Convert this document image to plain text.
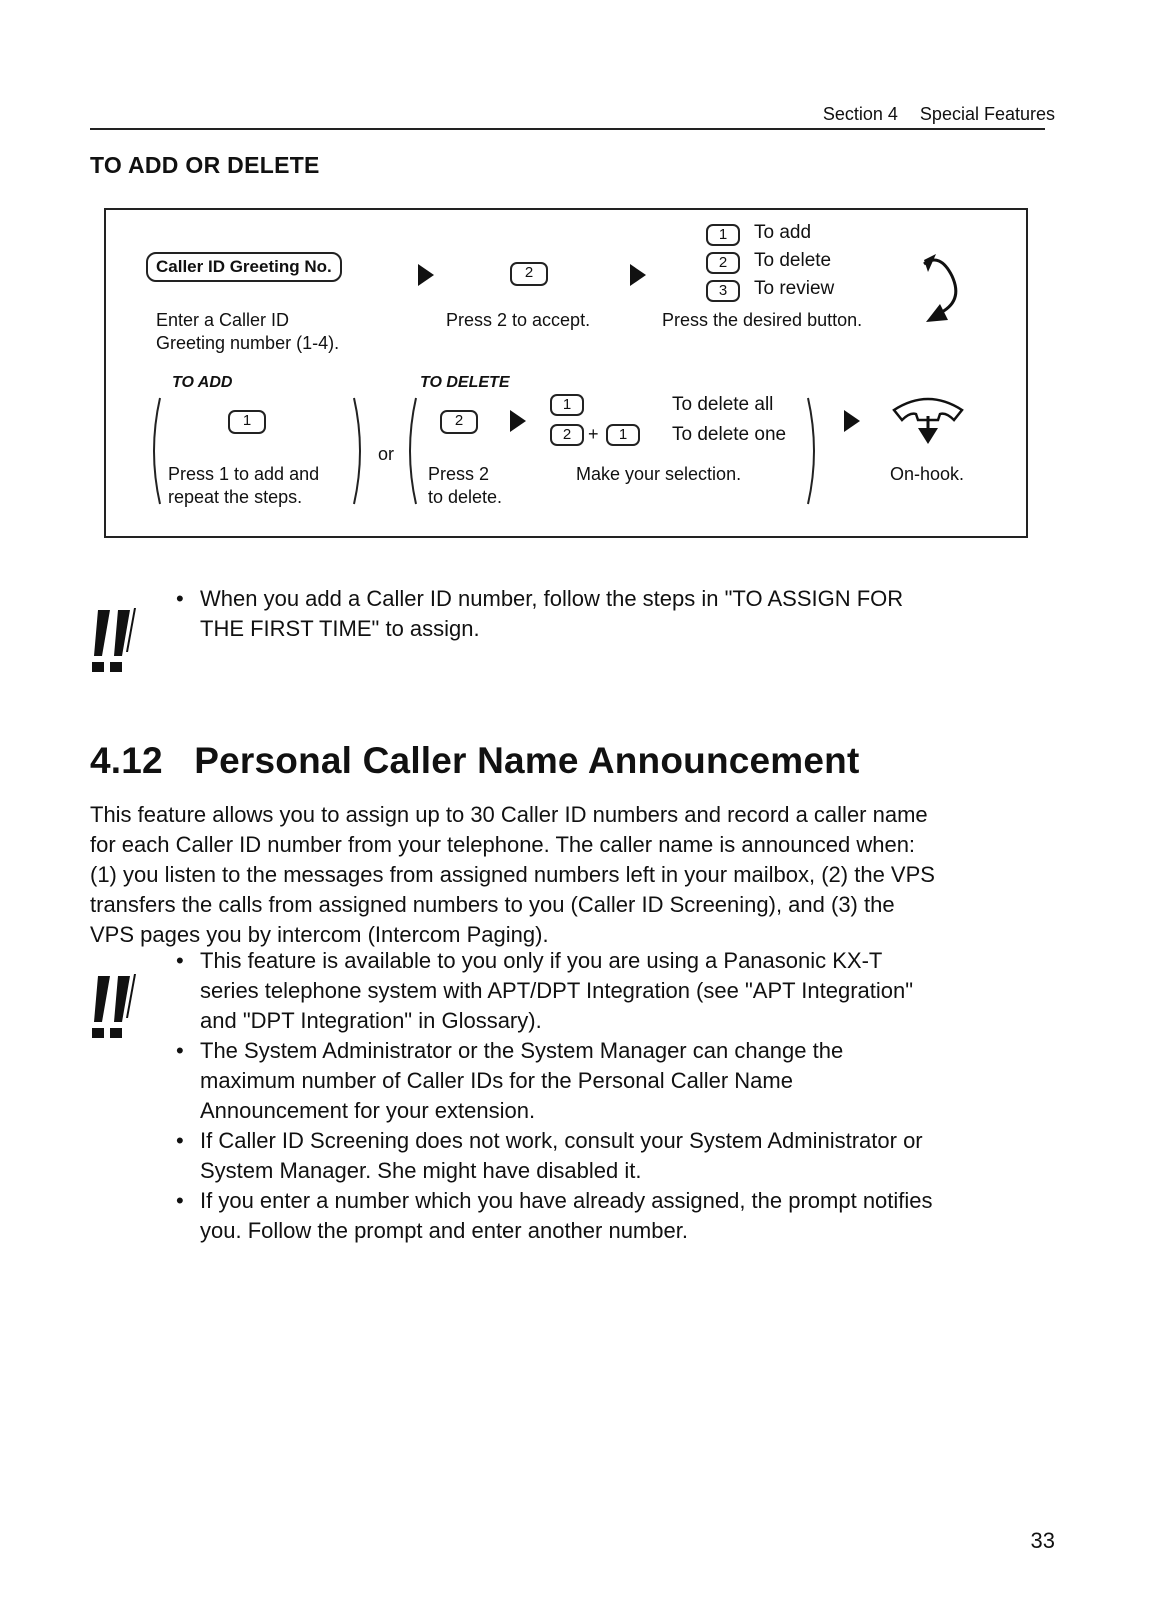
Section 4 Special Features
TO ADD OR DELETE
Caller ID Greeting No.	2
1	To add
2	To delete
3	To review
Enter a Caller ID
Greeting number (1-4).
Press 2 to accept.	Press the desired button.
TO ADD
1
Press 1 to add and
repeat the steps.
or
TO DELETE
2
1	To delete all
2 +	1	To delete one
Press 2
to delete.
Make your selection.	On-hook.
• When you add a Caller ID number, follow the steps in "TO ASSIGN FOR
THE FIRST TIME" to assign.
4.12   Personal Caller Name Announcement
This feature allows you to assign up to 30 Caller ID numbers and record a caller name
for each Caller ID number from your telephone. The caller name is announced when:
(1) you listen to the messages from assigned numbers left in your mailbox, (2) the VPS
transfers the calls from assigned numbers to you (Caller ID Screening), and (3) the
VPS pages you by intercom (Intercom Paging).
• This feature is available to you only if you are using a Panasonic KX-T
series telephone system with APT/DPT Integration (see "APT Integration"
and "DPT Integration" in Glossary).
• The System Administrator or the System Manager can change the
maximum number of Caller IDs for the Personal Caller Name
Announcement for your extension.
• If Caller ID Screening does not work, consult your System Administrator or
System Manager. She might have disabled it.
• If you enter a number which you have already assigned, the prompt notifies
you. Follow the prompt and enter another number.
33
